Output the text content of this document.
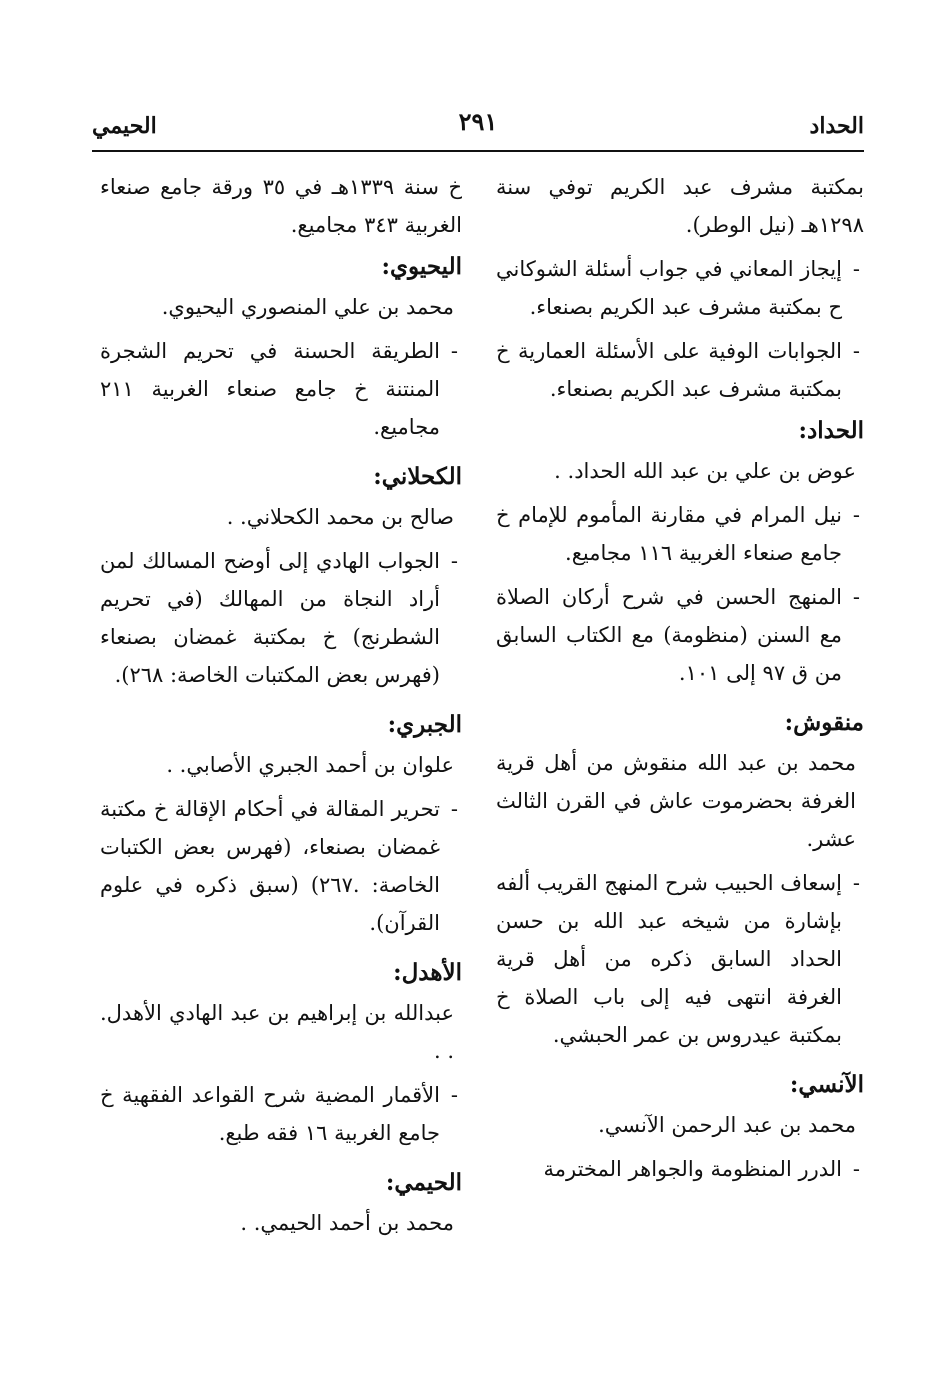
الحداد
٢٩١
الحيمي
بمكتبة مشرف عبد الكريم توفي سنة ١٢٩٨هـ (نيل الوطر).
- إيجاز المعاني في جواب أسئلة الشوكاني ح بمكتبة مشرف عبد الكريم بصنعاء.
- الجوابات الوفية على الأسئلة العمارية خ بمكتبة مشرف عبد الكريم بصنعاء.
الحداد:
عوض بن علي بن عبد الله الحداد. .
- نيل المرام في مقارنة المأموم للإمام خ جامع صنعاء الغربية ١١٦ مجاميع.
- المنهج الحسن في شرح أركان الصلاة مع السنن (منظومة) مع الكتاب السابق من ق ٩٧ إلى ١٠١.
منقوش:
محمد بن عبد الله منقوش من أهل قرية الغرفة بحضرموت عاش في القرن الثالث عشر.
- إسعاف الحبيب شرح المنهج القريب ألفه بإشارة من شيخه عبد الله بن حسن الحداد السابق ذكره من أهل قرية الغرفة انتهى فيه إلى باب الصلاة خ بمكتبة عيدروس بن عمر الحبشي.
الآنسي:
محمد بن عبد الرحمن الآنسي.
- الدرر المنظومة والجواهر المخترمة
خ سنة ١٣٣٩هـ في ٣٥ ورقة جامع صنعاء الغربية ٣٤٣ مجاميع.
اليحيوي:
محمد بن علي المنصوري اليحيوي.
- الطريقة الحسنة في تحريم الشجرة المنتنة خ جامع صنعاء الغربية ٢١١ مجاميع.
الكحلاني:
صالح بن محمد الكحلاني. .
- الجواب الهادي إلى أوضح المسالك لمن أراد النجاة من المهالك (في تحريم الشطرنج) خ بمكتبة غمضان بصنعاء (فهرس بعض المكتبات الخاصة: ٢٦٨).
الجبري:
علوان بن أحمد الجبري الأصابي. .
- تحرير المقالة في أحكام الإقالة خ مكتبة غمضان بصنعاء، (فهرس بعض الكتبات الخاصة: .٢٦٧) (سبق ذكره في علوم القرآن).
الأهدل:
عبدالله بن إبراهيم بن عبد الهادي الأهدل. . .
- الأقمار المضية شرح القواعد الفقهية خ جامع الغربية ١٦ فقه طبع.
الحيمي:
محمد بن أحمد الحيمي. .
